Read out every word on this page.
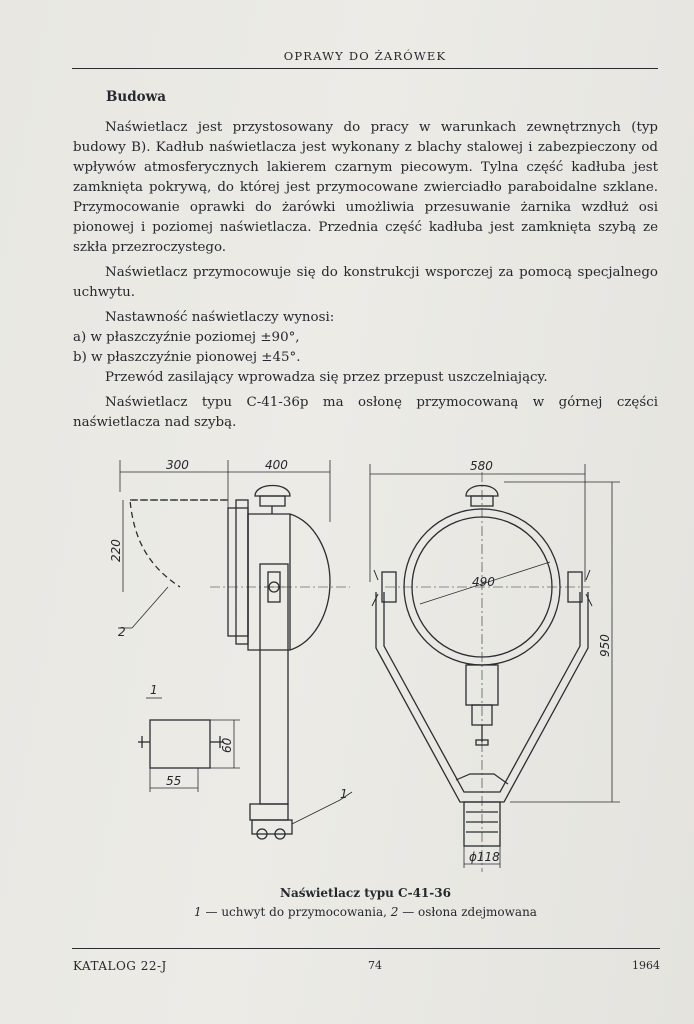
OPRAWY DO ŻARÓWEK
Budowa

Naświetlacz jest przystosowany do pracy w warunkach zewnętrznych (typ budowy B). Kadłub naświetlacza jest wykonany z blachy stalowej i zabezpieczony od wpływów atmosferycznych lakierem czarnym piecowym. Tylna część kadłuba jest zamknięta pokrywą, do której jest przymocowane zwierciadło paraboidalne szklane. Przymocowanie oprawki do żarówki umożliwia przesuwanie żarnika wzdłuż osi pionowej i poziomej naświetlacza. Przednia część kadłuba jest zamknięta szybą ze szkła przezroczystego.

Naświetlacz przymocowuje się do konstrukcji wsporczej za pomocą specjalnego uchwytu.

Nastawność naświetlaczy wynosi:

a) w płaszczyźnie poziomej ±90°,

b) w płaszczyźnie pionowej ±45°.

Przewód zasilający wprowadza się przez przepust uszczelniający.

Naświetlacz typu C-41-36p ma osłonę przymocowaną w górnej części naświetlacza nad szybą.

300	400
220
1
2
1
60
55
580
490
ϕ118
950
Naświetlacz typu C-41-36
1 — uchwyt do przymocowania, 2 — osłona zdejmowana
KATALOG 22-J	74	1964
